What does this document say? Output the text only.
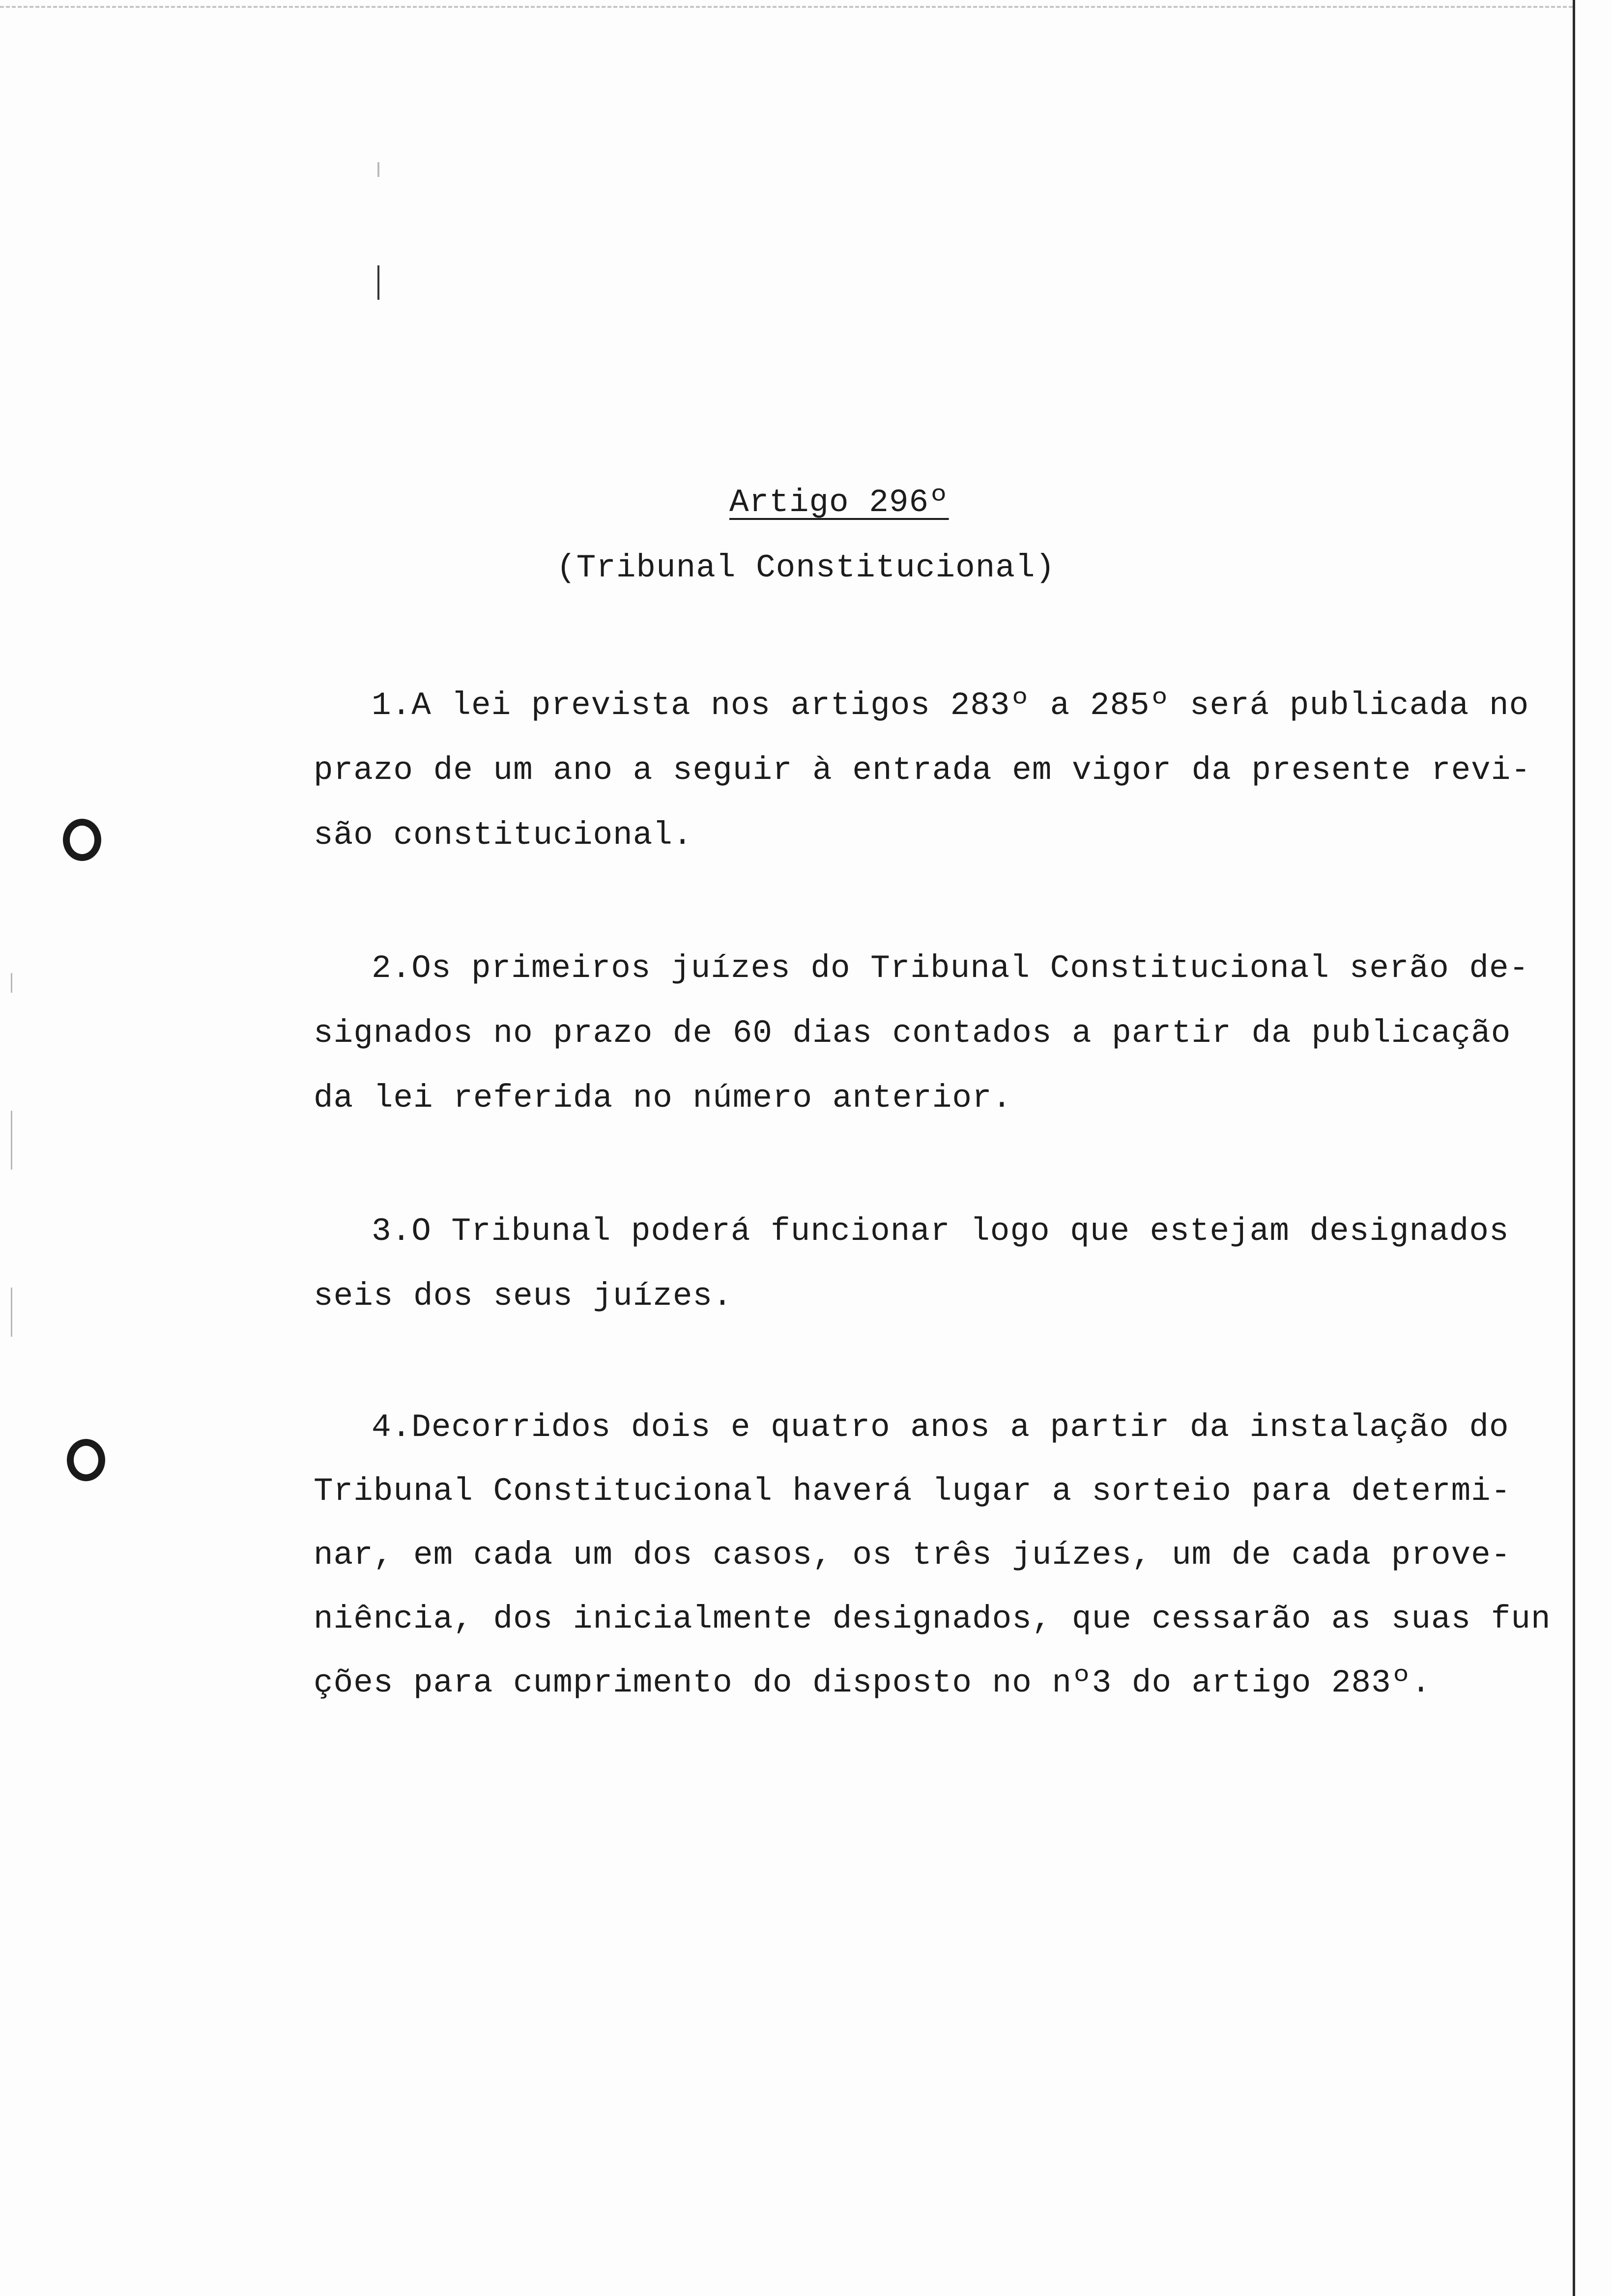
Artigo 296º
(Tribunal Constitucional)
1.A lei prevista nos artigos 283º a 285º será publicada no
prazo de um ano a seguir à entrada em vigor da presente revi-
são constitucional.
2.Os primeiros juízes do Tribunal Constitucional serão de-
signados no prazo de 60 dias contados a partir da publicação
da lei referida no número anterior.
3.O Tribunal poderá funcionar logo que estejam designados
seis dos seus juízes.
4.Decorridos dois e quatro anos a partir da instalação do
Tribunal Constitucional haverá lugar a sorteio para determi-
nar, em cada um dos casos, os três juízes, um de cada prove-
niência, dos inicialmente designados, que cessarão as suas fun
ções para cumprimento do disposto no nº3 do artigo 283º.
